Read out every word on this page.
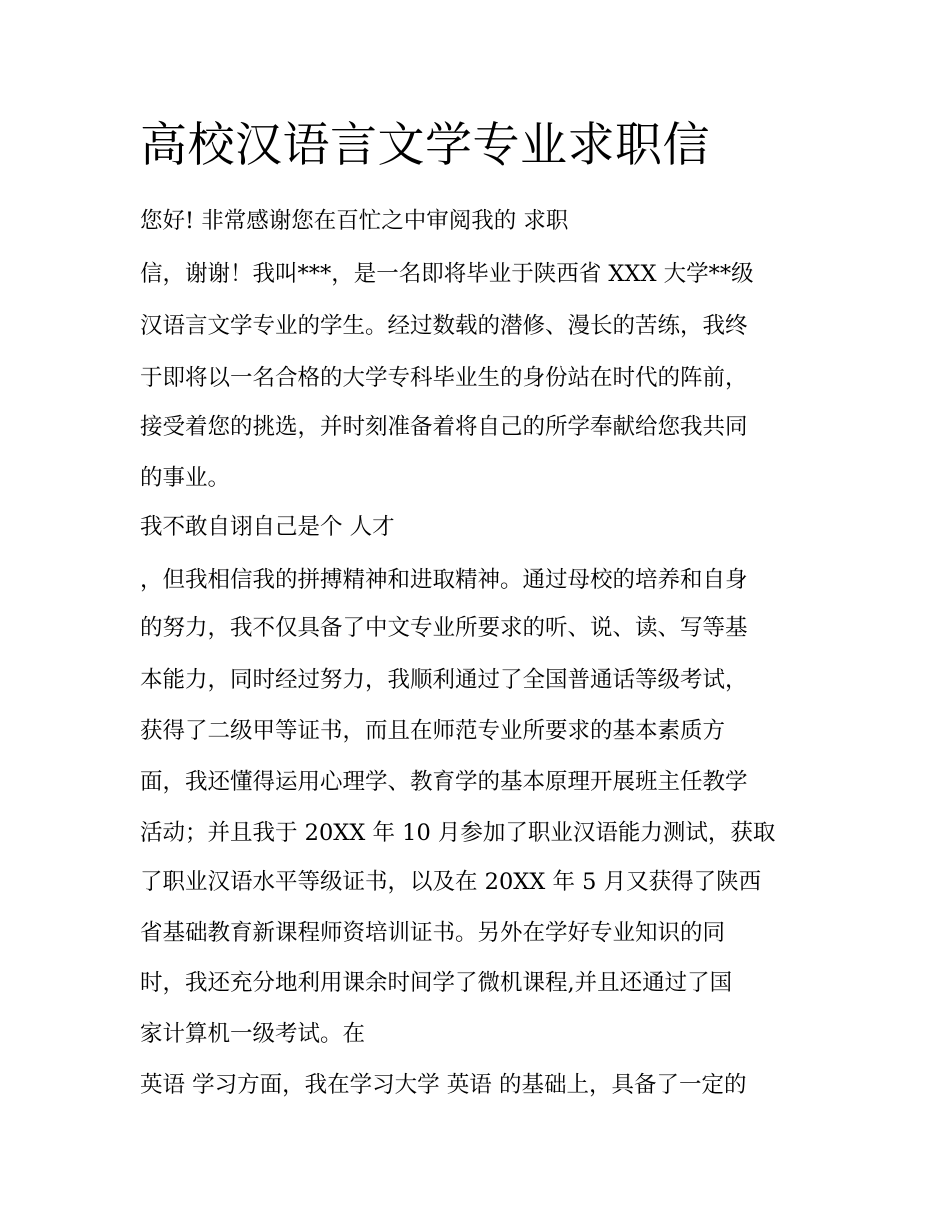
高校汉语言文学专业求职信

您好! 非常感谢您在百忙之中审阅我的 求职

信，谢谢！我叫***，是一名即将毕业于陕西省 XXX 大学**级

汉语言文学专业的学生。经过数载的潜修、漫长的苦练，我终

于即将以一名合格的大学专科毕业生的身份站在时代的阵前，

接受着您的挑选，并时刻准备着将自己的所学奉献给您我共同

的事业。

我不敢自诩自己是个 人才

，但我相信我的拼搏精神和进取精神。通过母校的培养和自身

的努力，我不仅具备了中文专业所要求的听、说、读、写等基

本能力，同时经过努力，我顺利通过了全国普通话等级考试，

获得了二级甲等证书，而且在师范专业所要求的基本素质方

面，我还懂得运用心理学、教育学的基本原理开展班主任教学

活动；并且我于 20XX 年 10 月参加了职业汉语能力测试，获取

了职业汉语水平等级证书，以及在 20XX 年 5 月又获得了陕西

省基础教育新课程师资培训证书。另外在学好专业知识的同

时，我还充分地利用课余时间学了微机课程,并且还通过了国

家计算机一级考试。在

英语 学习方面，我在学习大学 英语 的基础上，具备了一定的
